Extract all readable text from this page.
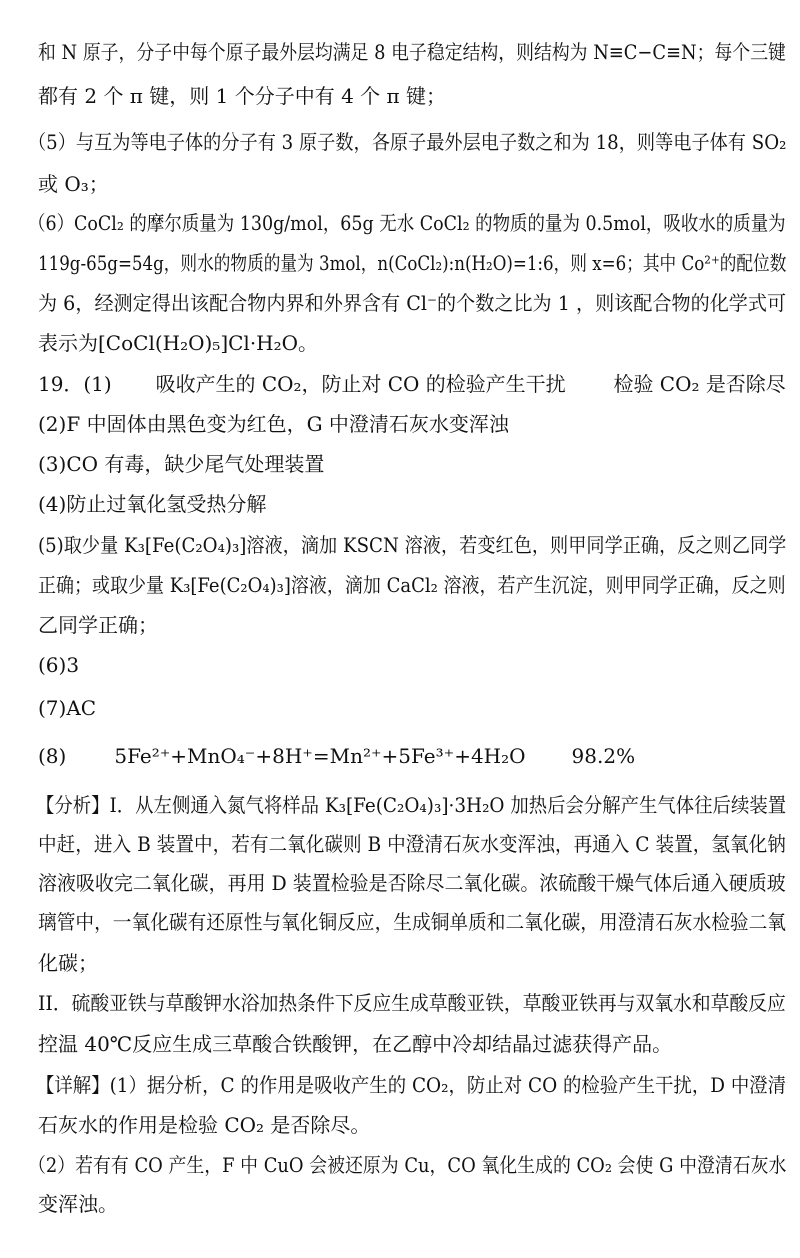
和 N 原子，分子中每个原子最外层均满足 8 电子稳定结构，则结构为 N≡C−C≡N；每个三键
都有 2 个 π 键，则 1 个分子中有 4 个 π 键；
（5）与互为等电子体的分子有 3 原子数，各原子最外层电子数之和为 18，则等电子体有 SO₂
或 O₃；
（6）CoCl₂ 的摩尔质量为 130g/mol，65g 无水 CoCl₂ 的物质的量为 0.5mol，吸收水的质量为
119g-65g=54g，则水的物质的量为 3mol，n(CoCl₂):n(H₂O)=1:6，则 x=6；其中 Co²⁺的配位数
为 6，经测定得出该配合物内界和外界含有 Cl⁻的个数之比为 1 ，则该配合物的化学式可
表示为[CoCl(H₂O)₅]Cl·H₂O。
19．(1) 吸收产生的 CO₂，防止对 CO 的检验产生干扰 检验 CO₂ 是否除尽
(2)F 中固体由黑色变为红色，G 中澄清石灰水变浑浊
(3)CO 有毒，缺少尾气处理装置
(4)防止过氧化氢受热分解
(5)取少量 K₃[Fe(C₂O₄)₃]溶液，滴加 KSCN 溶液，若变红色，则甲同学正确，反之则乙同学
正确；或取少量 K₃[Fe(C₂O₄)₃]溶液，滴加 CaCl₂ 溶液，若产生沉淀，则甲同学正确，反之则
乙同学正确；
(6)3
(7)AC
(8) 5Fe²⁺+MnO₄⁻+8H⁺=Mn²⁺+5Fe³⁺+4H₂O 98.2%
【分析】I．从左侧通入氮气将样品 K₃[Fe(C₂O₄)₃]·3H₂O 加热后会分解产生气体往后续装置
中赶，进入 B 装置中，若有二氧化碳则 B 中澄清石灰水变浑浊，再通入 C 装置，氢氧化钠
溶液吸收完二氧化碳，再用 D 装置检验是否除尽二氧化碳。浓硫酸干燥气体后通入硬质玻
璃管中，一氧化碳有还原性与氧化铜反应，生成铜单质和二氧化碳，用澄清石灰水检验二氧
化碳；
II．硫酸亚铁与草酸钾水浴加热条件下反应生成草酸亚铁，草酸亚铁再与双氧水和草酸反应
控温 40℃反应生成三草酸合铁酸钾，在乙醇中冷却结晶过滤获得产品。
【详解】(1）据分析，C 的作用是吸收产生的 CO₂，防止对 CO 的检验产生干扰，D 中澄清
石灰水的作用是检验 CO₂ 是否除尽。
（2）若有有 CO 产生，F 中 CuO 会被还原为 Cu，CO 氧化生成的 CO₂ 会使 G 中澄清石灰水
变浑浊。
